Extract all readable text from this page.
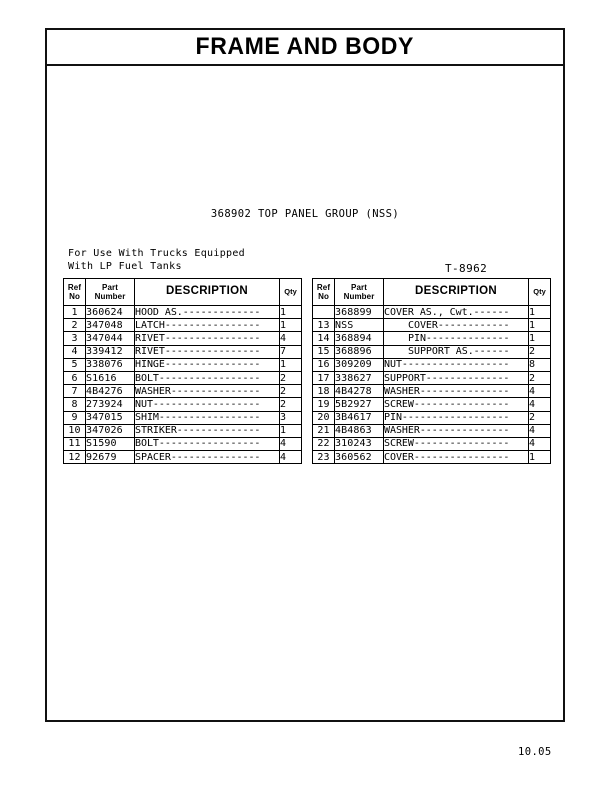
FRAME AND BODY
368902 TOP PANEL GROUP (NSS)
For Use With Trucks Equipped
With LP Fuel Tanks	T-8962
Ref
No	Part
Number	DESCRIPTION	Qty
1	360624	HOOD AS.-------------	1
2	347048	LATCH----------------	1
3	347044	RIVET----------------	4
4	339412	RIVET----------------	7
5	338076	HINGE----------------	1
6	S1616	BOLT-----------------	2
7	4B4276	WASHER---------------	2
8	273924	NUT------------------	2
9	347015	SHIM-----------------	3
10	347026	STRIKER--------------	1
11	S1590	BOLT-----------------	4
12	92679	SPACER---------------	4
Ref
No	Part
Number	DESCRIPTION	Qty
	368899	COVER AS., Cwt.------	1
13	NSS	COVER------------	1
14	368894	PIN--------------	1
15	368896	SUPPORT AS.------	2
16	309209	NUT------------------	8
17	338627	SUPPORT--------------	2
18	4B4278	WASHER---------------	4
19	5B2927	SCREW----------------	4
20	3B4617	PIN------------------	2
21	4B4863	WASHER---------------	4
22	310243	SCREW----------------	4
23	360562	COVER----------------	1
10.05
